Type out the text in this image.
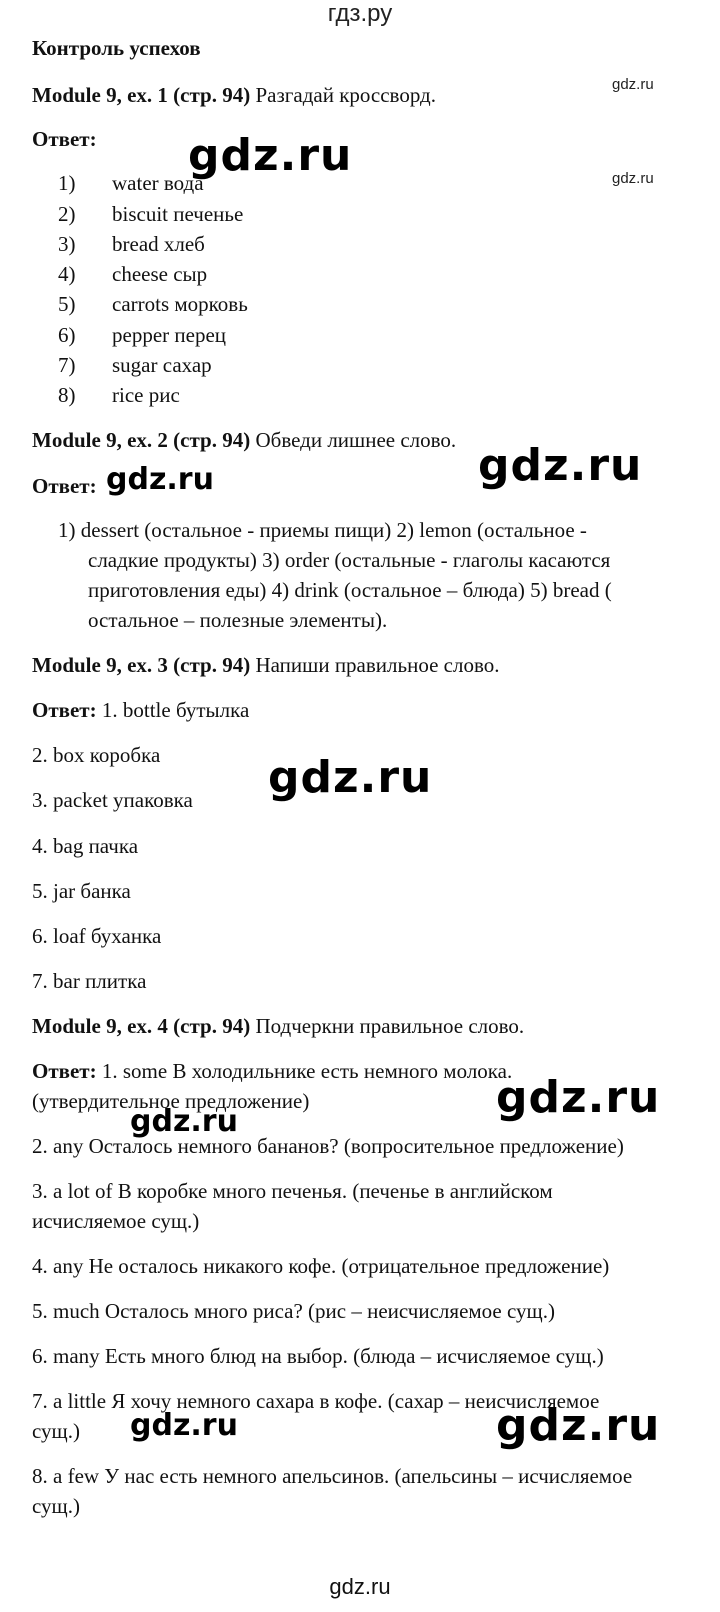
гдз.ру
Контроль успехов
Module 9, ex. 1 (стр. 94) Разгадай кроссворд.
Ответ:
1) water вода
2) biscuit печенье
3) bread хлеб
4) cheese сыр
5) carrots морковь
6) pepper перец
7) sugar сахар
8) rice рис
Module 9, ex. 2 (стр. 94) Обведи лишнее слово.
Ответ:
1) dessert (остальное - приемы пищи) 2) lemon (остальное -
сладкие продукты) 3) order (остальные - глаголы касаются
приготовления еды) 4) drink (остальное – блюда) 5) bread (
остальное – полезные элементы).
Module 9, ex. 3 (стр. 94) Напиши правильное слово.
Ответ: 1. bottle бутылка
2. box коробка
3. packet упаковка
4. bag пачка
5. jar банка
6. loaf буханка
7. bar плитка
Module 9, ex. 4 (стр. 94) Подчеркни правильное слово.
Ответ: 1. some В холодильнике есть немного молока.
(утвердительное предложение)
2. any Осталось немного бананов? (вопросительное предложение)
3. a lot of В коробке много печенья. (печенье в английском
исчисляемое сущ.)
4. any Не осталось никакого кофе. (отрицательное предложение)
5. much Осталось много риса? (рис – неисчисляемое сущ.)
6. many Есть много блюд на выбор. (блюда – исчисляемое сущ.)
7. a little Я хочу немного сахара в кофе. (сахар – неисчисляемое
сущ.)
8. a few У нас есть немного апельсинов. (апельсины – исчисляемое
сущ.)
gdz.ru
gdz.ru
gdz.ru
gdz.ru
gdz.ru
gdz.ru
gdz.ru
gdz.ru
gdz.ru
gdz.ru
gdz.ru
